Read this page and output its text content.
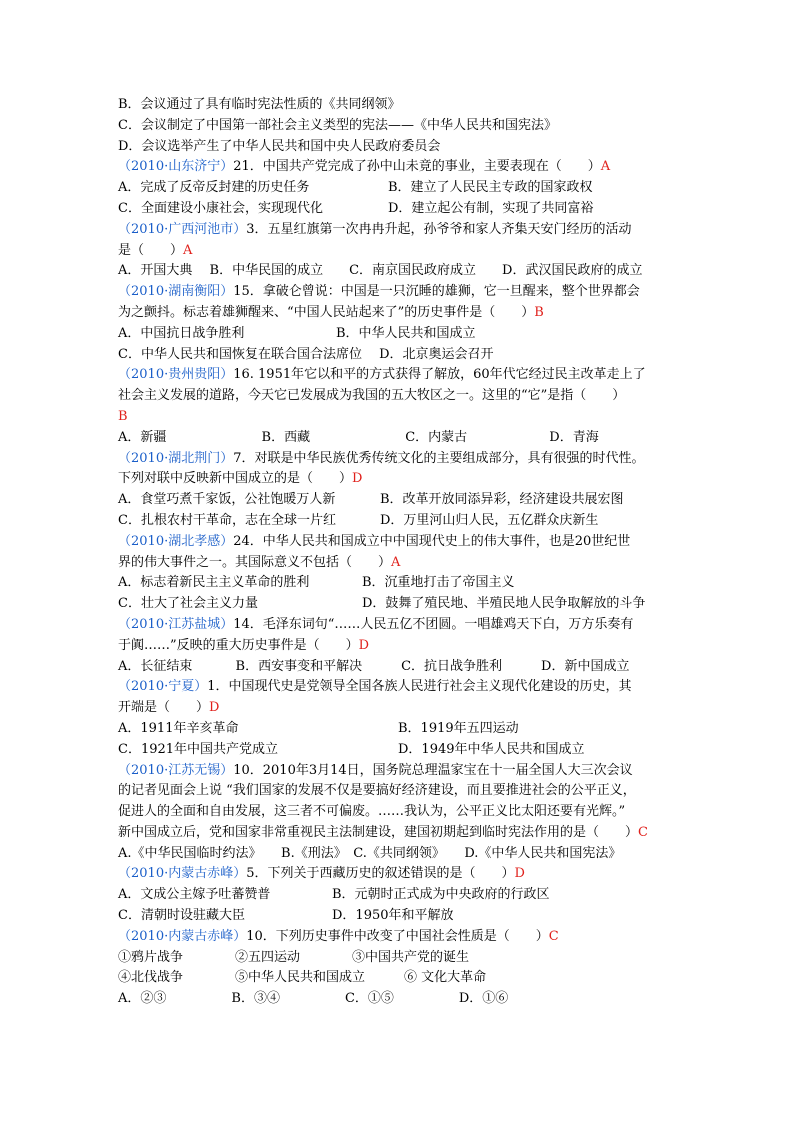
B．会议通过了具有临时宪法性质的《共同纲领》
C．会议制定了中国第一部社会主义类型的宪法——《中华人民共和国宪法》
D．会议选举产生了中华人民共和国中央人民政府委员会
（2010·山东济宁）21．中国共产党完成了孙中山未竟的事业，主要表现在（　　）A
A．完成了反帝反封建的历史任务	B．建立了人民民主专政的国家政权
C．全面建设小康社会，实现现代化	D．建立起公有制，实现了共同富裕
（2010·广西河池市）3．五星红旗第一次冉冉升起，孙爷爷和家人齐集天安门经历的活动
是（　　）A
A．开国大典　 B．中华民国的成立　　C．南京国民政府成立　　D．武汉国民政府的成立
（2010·湖南衡阳）15．拿破仑曾说：中国是一只沉睡的雄狮，它一旦醒来，整个世界都会
为之颤抖。标志着雄狮醒来、“中国人民站起来了”的历史事件是（　　）B
A．中国抗日战争胜利	B．中华人民共和国成立
C．中华人民共和国恢复在联合国合法席位　 D．北京奥运会召开
（2010·贵州贵阳）16. 1951年它以和平的方式获得了解放，60年代它经过民主改革走上了
社会主义发展的道路，今天它已发展成为我国的五大牧区之一。这里的“它”是指（　　）
B
A．新疆　　　　　　　 B．西藏　　　　　　　 C．内蒙古　　　　　　 D．青海
（2010·湖北荆门）7．对联是中华民族优秀传统文化的主要组成部分，具有很强的时代性。
下列对联中反映新中国成立的是（　　）D
A．食堂巧煮千家饭，公社饱暖万人新	B．改革开放同添异彩，经济建设共展宏图
C．扎根农村干革命，志在全球一片红	D．万里河山归人民，五亿群众庆新生
（2010·湖北孝感）24．中华人民共和国成立中中国现代史上的伟大事件，也是20世纪世
界的伟大事件之一。其国际意义不包括（　　）A
A．标志着新民主主义革命的胜利	B．沉重地打击了帝国主义
C．壮大了社会主义力量	D．鼓舞了殖民地、半殖民地人民争取解放的斗争
（2010·江苏盐城）14．毛泽东词句“……人民五亿不团圆。一唱雄鸡天下白，万方乐奏有
于阗……”反映的重大历史事件是（　　）D
A．长征结束　　　 B．西安事变和平解决　　　C．抗日战争胜利　　　D．新中国成立
（2010·宁夏）1．中国现代史是党领导全国各族人民进行社会主义现代化建设的历史，其
开端是（　　）D
A．1911年辛亥革命	B．1919年五四运动
C．1921年中国共产党成立	D．1949年中华人民共和国成立
（2010·江苏无锡）10．2010年3月14日，国务院总理温家宝在十一届全国人大三次会议
的记者见面会上说 “我们国家的发展不仅是要搞好经济建设，而且要推进社会的公平正义，
促进人的全面和自由发展，这三者不可偏废。……我认为，公平正义比太阳还要有光辉。”
新中国成立后，党和国家非常重视民主法制建设，建国初期起到临时宪法作用的是（　　）C
A.《中华民国临时约法》　　B.《刑法》　C.《共同纲领》　　D.《中华人民共和国宪法》
（2010·内蒙古赤峰）5．下列关于西藏历史的叙述错误的是（　　）D
A．文成公主嫁予吐蕃赞普	B．元朝时正式成为中央政府的行政区
C．清朝时设驻藏大臣	D．1950年和平解放
（2010·内蒙古赤峰）10．下列历史事件中改变了中国社会性质是（　　）C
①鸦片战争　　　　②五四运动　　　　③中国共产党的诞生
④北伐战争　　　　⑤中华人民共和国成立　　　⑥ 文化大革命
A．②③　　　　　B．③④　　　　　C．①⑤　　　　　D．①⑥
